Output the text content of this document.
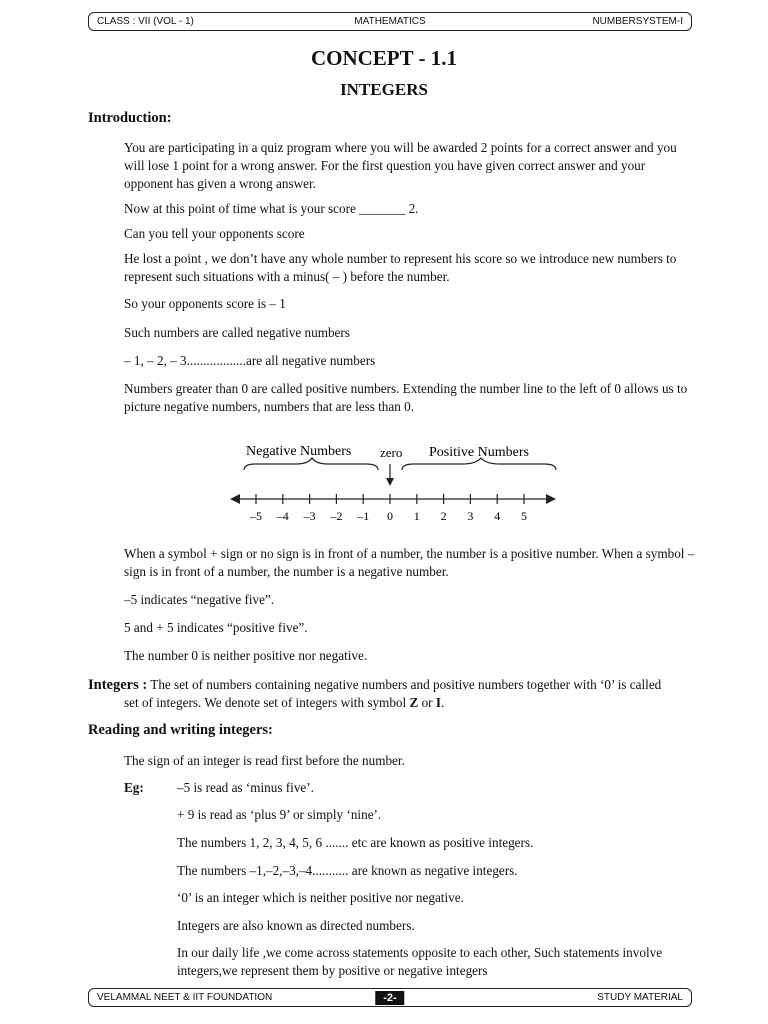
CLASS : VII (VOL - 1)	MATHEMATICS	NUMBERSYSTEM-I
CONCEPT - 1.1
INTEGERS
Introduction:
You are participating in a quiz program where you will be awarded 2 points for a correct answer and you will lose 1 point for a wrong answer. For the first question you have given correct answer and your opponent has given a wrong answer.
Now at this point of time what is your score _______ 2.
Can you tell your opponents score
He lost a point , we don’t have any whole number to represent his score so we introduce new numbers to represent such situations with a minus( – ) before the number.
So your opponents score is – 1
Such numbers are called negative numbers
– 1, – 2, – 3..................are all negative numbers
Numbers greater than 0 are called positive numbers. Extending the number line to the left of 0 allows us to picture negative numbers, numbers that are less than 0.
Negative Numbers zero Positive Numbers
–5 –4 –3 –2 –1 0 1 2 3 4 5
When a symbol + sign or no sign is in front of a number, the number is a positive number. When a symbol – sign is in front of a number, the number is a negative number.
–5 indicates “negative five”.
5 and + 5 indicates “positive five”.
The number 0 is neither positive nor negative.
Integers : The set of numbers containing negative numbers and positive numbers together with ‘0’ is called
set of integers. We denote set of integers with symbol Z or I.
Reading and writing integers:
The sign of an integer is read first before the number.
Eg:	–5 is read as ‘minus five’.
+ 9 is read as ‘plus 9’ or simply ‘nine’.
The numbers 1, 2, 3, 4, 5, 6 ....... etc are known as positive integers.
The numbers –1,–2,–3,–4........... are known as negative integers.
‘0’ is an integer which is neither positive nor negative.
Integers are also known as directed numbers.
In our daily life ,we come across statements opposite to each other, Such statements involve integers,we represent them by positive or negative integers
VELAMMAL NEET & IIT FOUNDATION	-2-	STUDY MATERIAL
